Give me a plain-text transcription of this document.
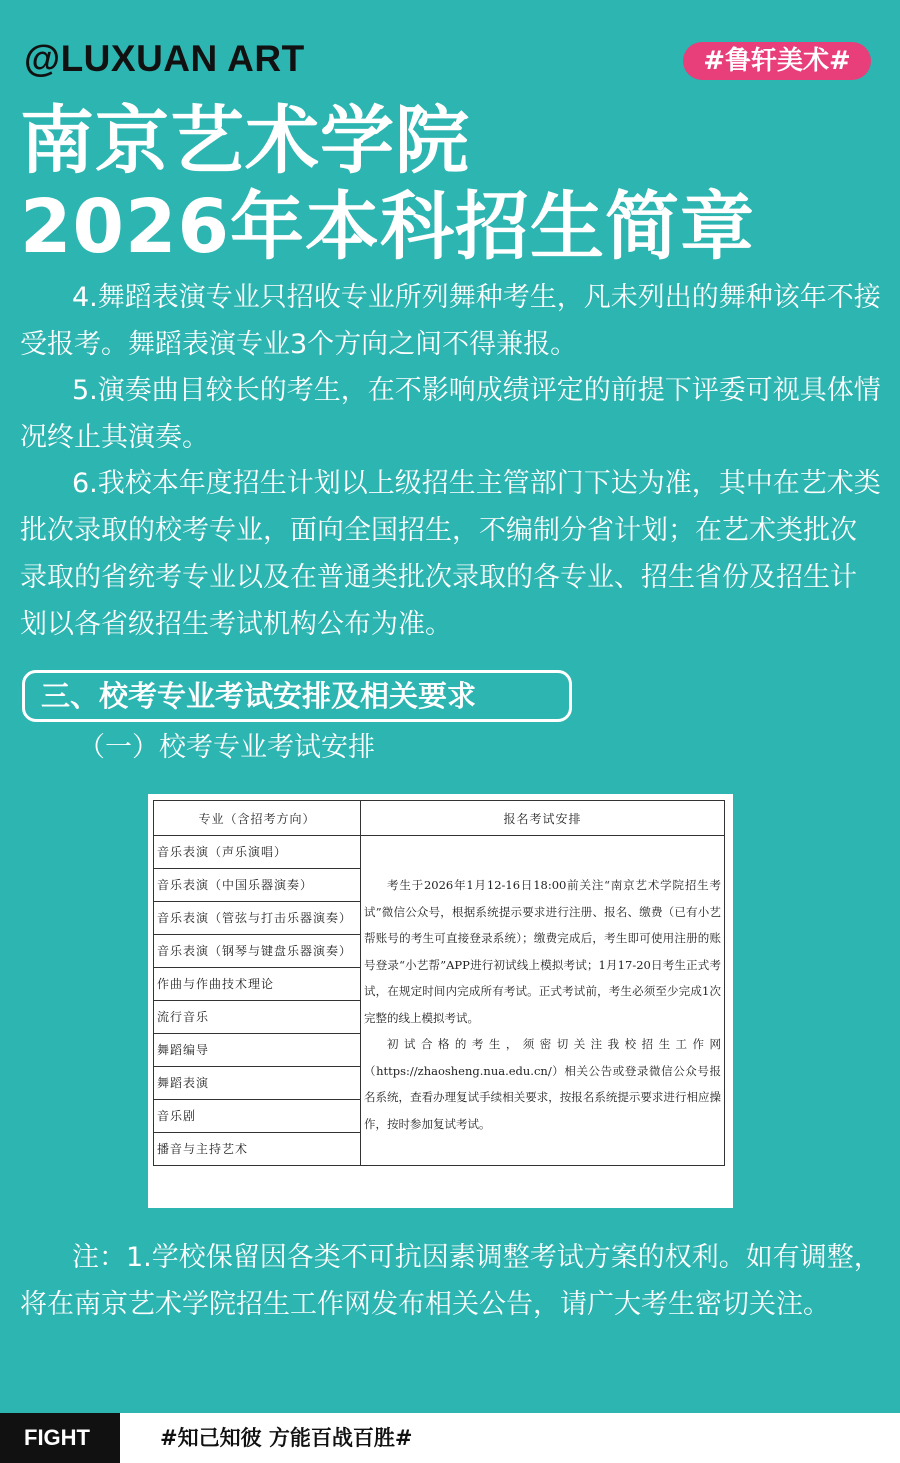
@LUXUAN ART	#鲁轩美术#
南京艺术学院
2026年本科招生简章

4.舞蹈表演专业只招收专业所列舞种考生，凡未列出的舞种该年不接受报考。舞蹈表演专业3个方向之间不得兼报。

5.演奏曲目较长的考生，在不影响成绩评定的前提下评委可视具体情况终止其演奏。

6.我校本年度招生计划以上级招生主管部门下达为准，其中在艺术类批次录取的校考专业，面向全国招生，不编制分省计划；在艺术类批次录取的省统考专业以及在普通类批次录取的各专业、招生省份及招生计划以各省级招生考试机构公布为准。

三、校考专业考试安排及相关要求
（一）校考专业考试安排
专业（含招考方向）	报名考试安排
音乐表演（声乐演唱）	考生于2026年1月12-16日18:00前关注“南京艺术学院招生考试”微信公众号，根据系统提示要求进行注册、报名、缴费（已有小艺帮账号的考生可直接登录系统）；缴费完成后，考生即可使用注册的账号登录“小艺帮”APP进行初试线上模拟考试；1月17-20日考生正式考试，在规定时间内完成所有考试。正式考试前，考生必须至少完成1次完整的线上模拟考试。

初试合格的考生，须密切关注我校招生工作网（https://zhaosheng.nua.edu.cn/）相关公告或登录微信公众号报名系统，查看办理复试手续相关要求，按报名系统提示要求进行相应操作，按时参加复试考试。

音乐表演（中国乐器演奏）	
音乐表演（管弦与打击乐器演奏）	
音乐表演（钢琴与键盘乐器演奏）	
作曲与作曲技术理论	
流行音乐	
舞蹈编导	
舞蹈表演	
音乐剧	
播音与主持艺术	

注：1.学校保留因各类不可抗因素调整考试方案的权利。如有调整，将在南京艺术学院招生工作网发布相关公告，请广大考生密切关注。

FIGHT	#知己知彼 方能百战百胜#
